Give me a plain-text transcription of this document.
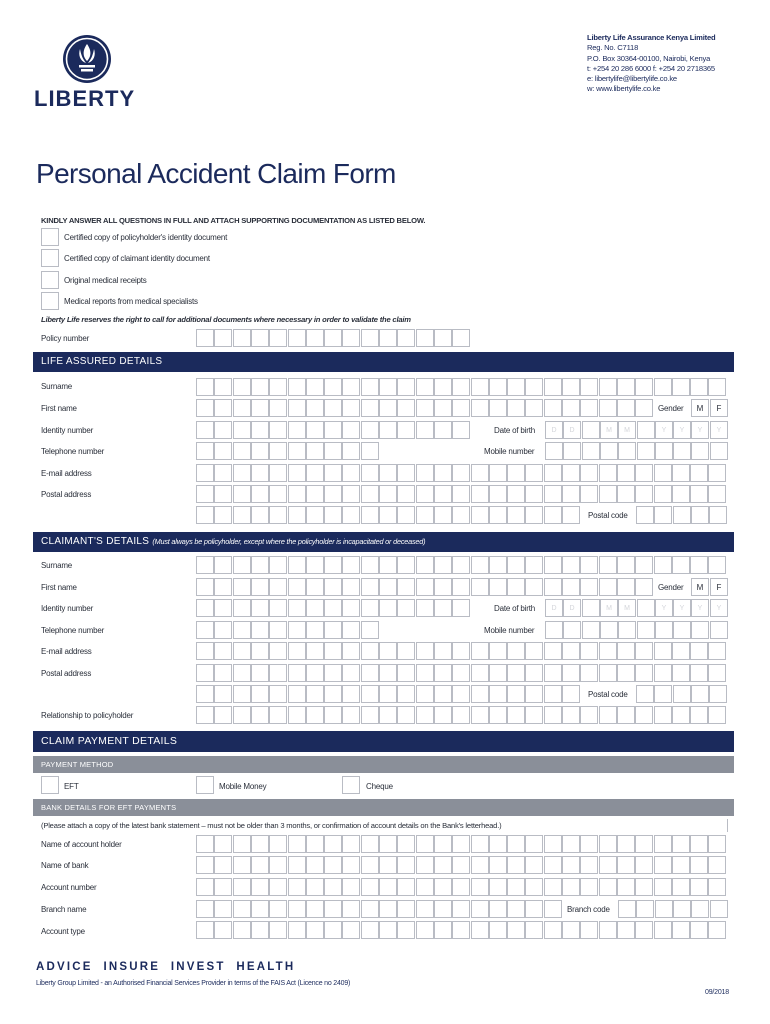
LIBERTY
Liberty Life Assurance Kenya Limited
Reg. No. C7118
P.O. Box 30364-00100, Nairobi, Kenya
t: +254 20 286 6000 f: +254 20 2718365
e: libertylife@libertylife.co.ke
w: www.libertylife.co.ke
Personal Accident Claim Form
KINDLY ANSWER ALL QUESTIONS IN FULL AND ATTACH SUPPORTING DOCUMENTATION AS LISTED BELOW.
Certified copy of policyholder's identity document
Certified copy of claimant identity document
Original medical receipts
Medical reports from medical specialists
Liberty Life reserves the right to call for additional documents where necessary in order to validate the claim
Policy number
LIFE ASSURED DETAILS
Surname
First name	Gender	M	F
Identity number	Date of birth	D	D	M	M	Y	Y	Y	Y
Telephone number	Mobile number
E-mail address
Postal address
Postal code
CLAIMANT'S DETAILS (Must always be policyholder, except where the policyholder is incapacitated or deceased)
Surname
First name	Gender	M	F
Identity number	Date of birth	D	D	M	M	Y	Y	Y	Y
Telephone number	Mobile number
E-mail address
Postal address
Postal code
Relationship to policyholder
CLAIM PAYMENT DETAILS
PAYMENT METHOD
EFT	Mobile Money	Cheque
BANK DETAILS FOR EFT PAYMENTS
(Please attach a copy of the latest bank statement – must not be older than 3 months, or confirmation of account details on the Bank's letterhead.)
Name of account holder
Name of bank
Account number
Branch name	Branch code
Account type
ADVICE  INSURE  INVEST  HEALTH
Liberty Group Limited - an Authorised Financial Services Provider in terms of the FAIS Act (Licence no 2409)
09/2018
